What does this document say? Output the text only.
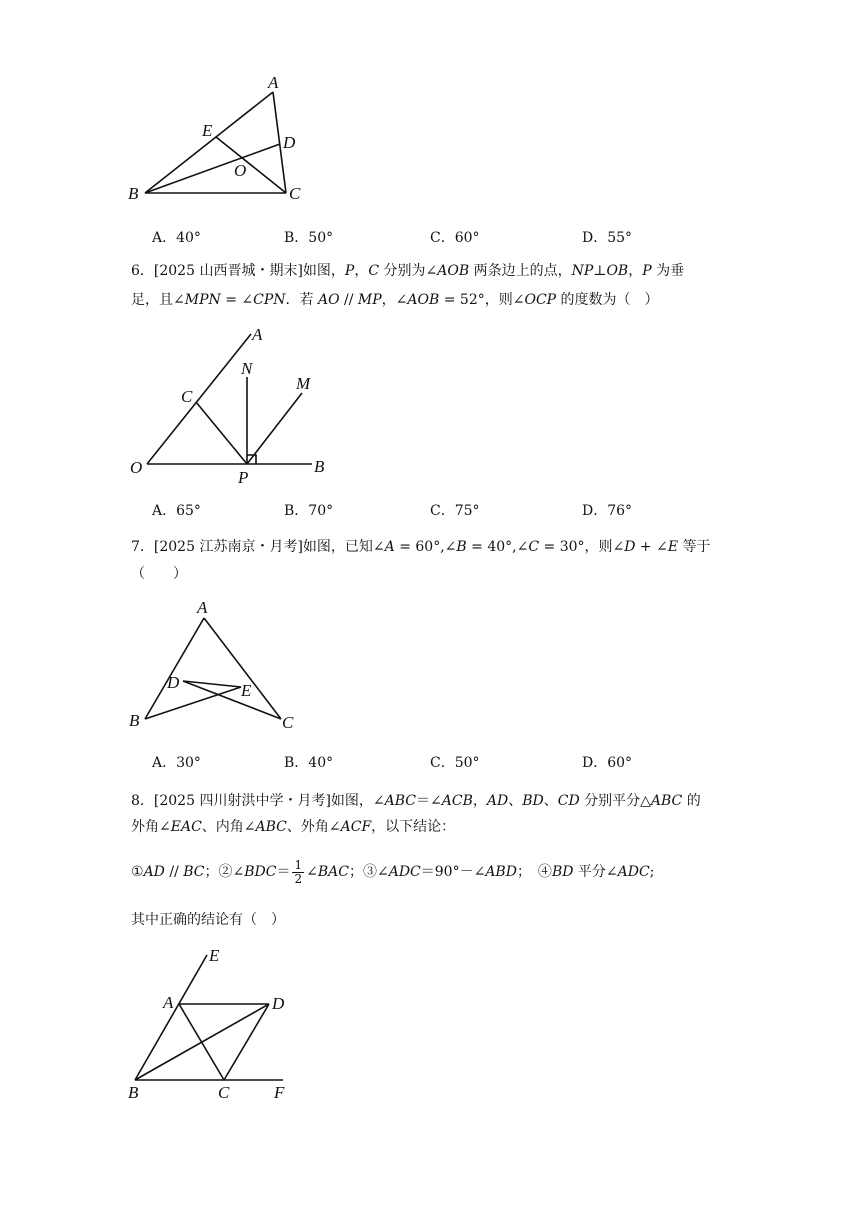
A
E
D
O
B	C
A．40°	B．50°	C．60°	D．55°
6．[2025 山西晋城・期末]如图，P，C 分别为∠AOB 两条边上的点，NP⊥OB，P 为垂
足，且∠MPN = ∠CPN．若 AO // MP，∠AOB = 52°，则∠OCP 的度数为（　）
A
N
M
C
O
P
B
A．65°	B．70°	C．75°	D．76°
7．[2025 江苏南京・月考]如图，已知∠A = 60°,∠B = 40°,∠C = 30°，则∠D + ∠E 等于
（　　）
A
D	E
B	C
A．30°	B．40°	C．50°	D．60°
8．[2025 四川射洪中学・月考]如图，∠ABC＝∠ACB，AD、BD、CD 分别平分△ABC 的
外角∠EAC、内角∠ABC、外角∠ACF，以下结论：
①AD // BC；②∠BDC＝ $\frac{1}{2}$ ∠BAC；③∠ADC＝90°－∠ABD；　④BD 平分∠ADC;
其中正确的结论有（　）
E
A	D
B	C	F
